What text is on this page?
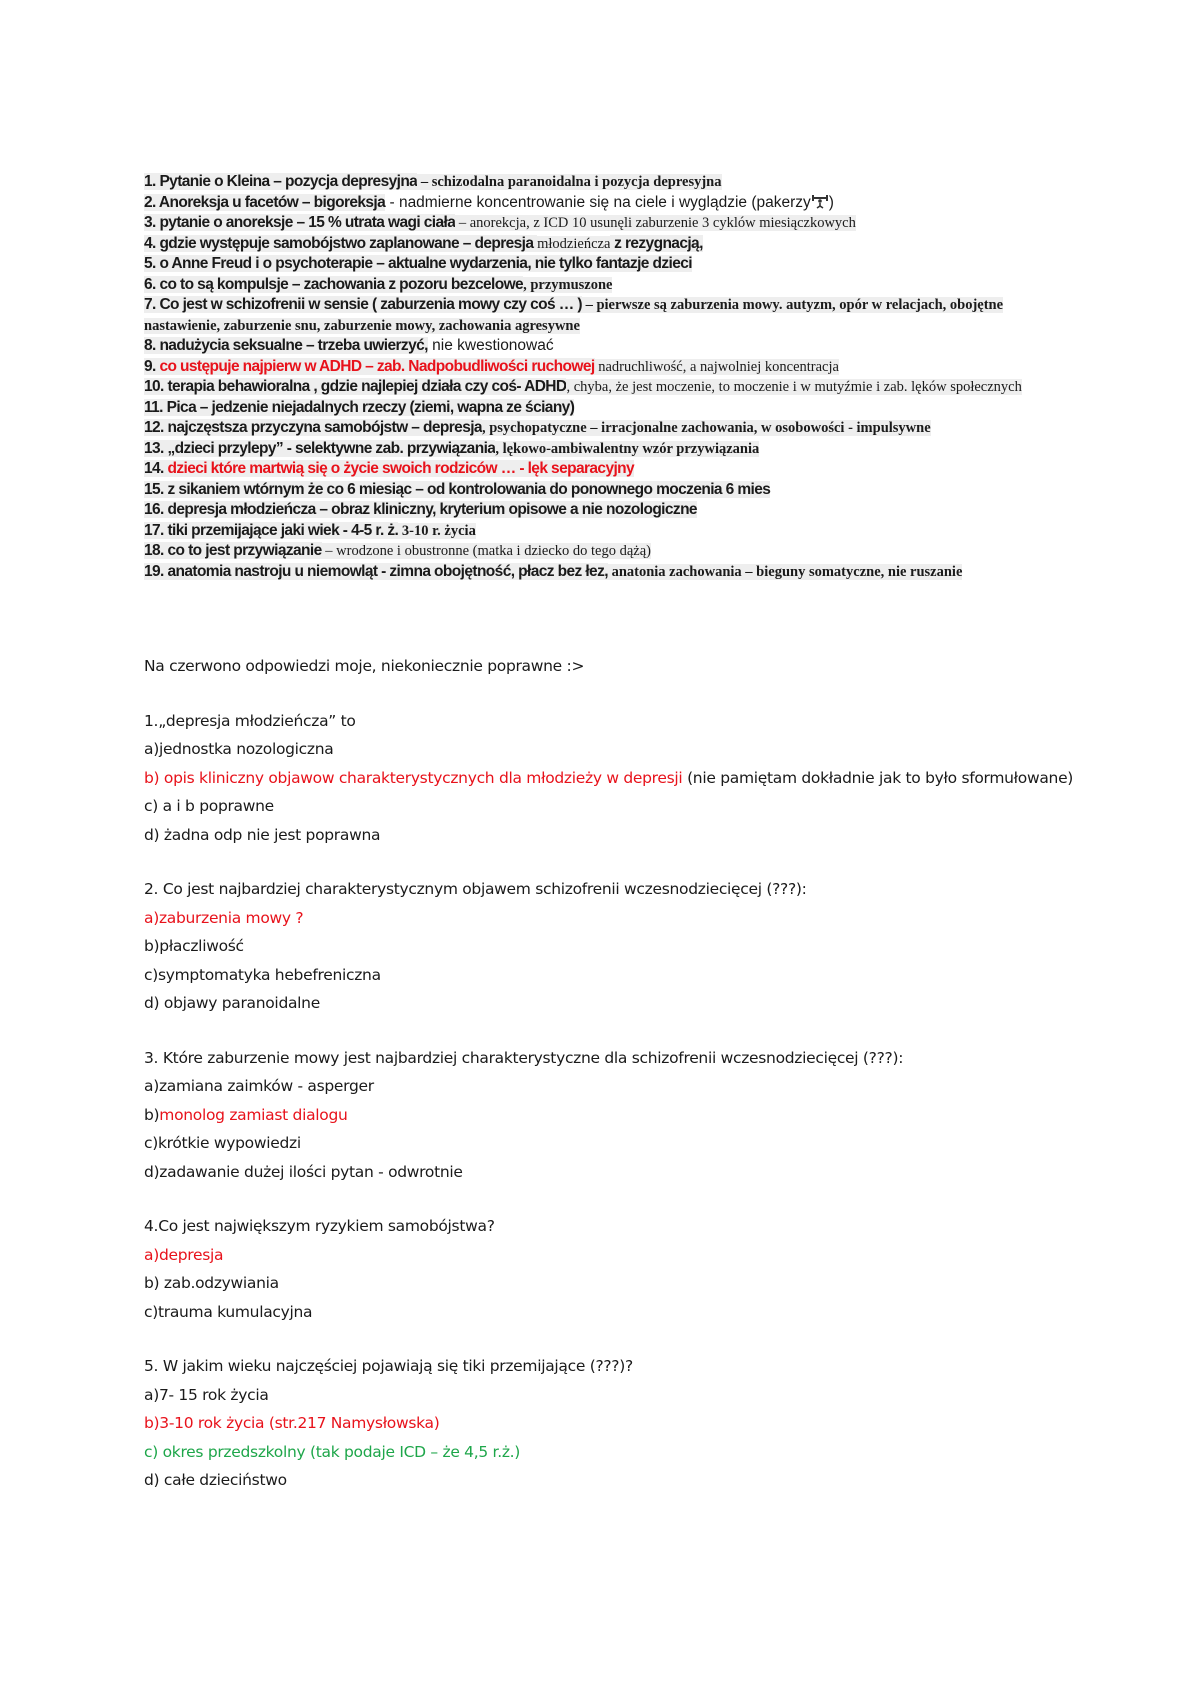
1. Pytanie o Kleina – pozycja depresyjna – schizodalna paranoidalna i pozycja depresyjna
2. Anoreksja u facetów – bigoreksja - nadmierne koncentrowanie się na ciele i wyglądzie (pakerzy )
3. pytanie o anoreksje – 15 % utrata wagi ciała – anorekcja, z ICD 10 usunęli zaburzenie 3 cyklów miesiączkowych
4. gdzie występuje samobójstwo zaplanowane – depresja młodzieńcza z rezygnacją,
5. o Anne Freud i o psychoterapie – aktualne wydarzenia, nie tylko fantazje dzieci
6. co to są kompulsje – zachowania z pozoru bezcelowe, przymuszone
7. Co jest w schizofrenii w sensie ( zaburzenia mowy czy coś … ) – pierwsze są zaburzenia mowy. autyzm, opór w relacjach, obojętne nastawienie, zaburzenie snu, zaburzenie mowy, zachowania agresywne
8. nadużycia seksualne – trzeba uwierzyć, nie kwestionować
9. co ustępuje najpierw w ADHD – zab. Nadpobudliwości ruchowej nadruchliwość, a najwolniej koncentracja
10. terapia behawioralna , gdzie najlepiej działa czy coś- ADHD, chyba, że jest moczenie, to moczenie i w mutyźmie i zab. lęków społecznych
11. Pica – jedzenie niejadalnych rzeczy (ziemi, wapna ze ściany)
12. najczęstsza przyczyna samobójstw – depresja, psychopatyczne – irracjonalne zachowania, w osobowości - impulsywne
13. „dzieci przylepy” - selektywne zab. przywiązania, lękowo-ambiwalentny wzór przywiązania
14. dzieci które martwią się o życie swoich rodziców … - lęk separacyjny
15. z sikaniem wtórnym że co 6 miesiąc – od kontrolowania do ponownego moczenia 6 mies
16. depresja młodzieńcza – obraz kliniczny, kryterium opisowe a nie nozologiczne
17. tiki przemijające jaki wiek - 4-5 r. ż. 3-10 r. życia
18. co to jest przywiązanie – wrodzone i obustronne (matka i dziecko do tego dążą)
19. anatomia nastroju u niemowląt - zimna obojętność, płacz bez łez, anatonia zachowania – bieguny somatyczne, nie ruszanie
Na czerwono odpowiedzi moje, niekoniecznie poprawne :>
1.„depresja młodzieńcza” to
a)jednostka nozologiczna
b) opis kliniczny objawow charakterystycznych dla młodzieży w depresji (nie pamiętam dokładnie jak to było sformułowane)
c) a i b poprawne
d) żadna odp nie jest poprawna
2. Co jest najbardziej charakterystycznym objawem schizofrenii wczesnodziecięcej (???):
a)zaburzenia mowy ?
b)płaczliwość
c)symptomatyka hebefreniczna
d) objawy paranoidalne
3. Które zaburzenie mowy jest najbardziej charakterystyczne dla schizofrenii wczesnodziecięcej (???):
a)zamiana zaimków - asperger
b)monolog zamiast dialogu
c)krótkie wypowiedzi
d)zadawanie dużej ilości pytan - odwrotnie
4.Co jest największym ryzykiem samobójstwa?
a)depresja
b) zab.odzywiania
c)trauma kumulacyjna
5. W jakim wieku najczęściej pojawiają się tiki przemijające (???)?
a)7- 15 rok życia
b)3-10 rok życia (str.217 Namysłowska)
c) okres przedszkolny (tak podaje ICD – że 4,5 r.ż.)
d) całe dzieciństwo
